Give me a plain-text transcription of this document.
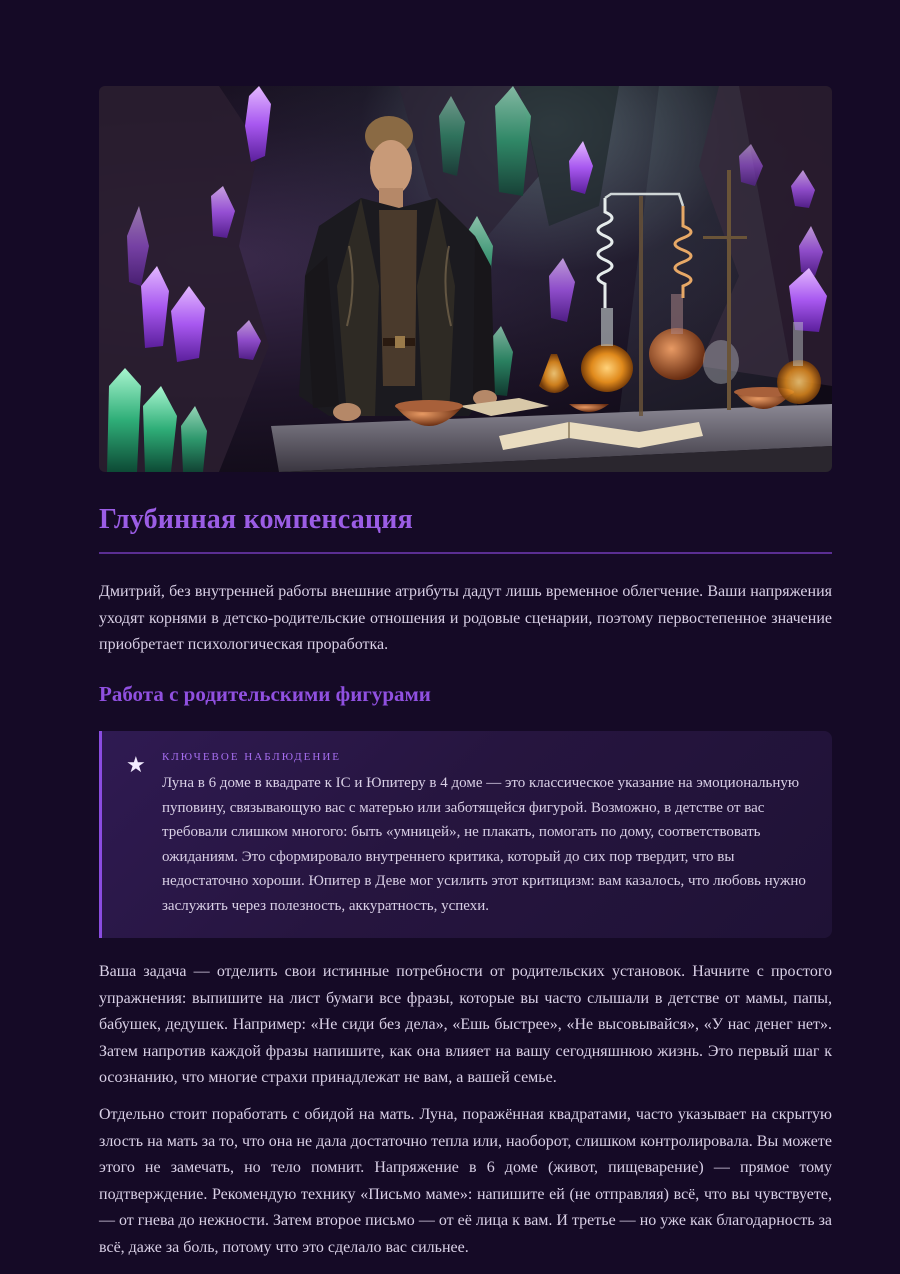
Глубинная компенсация

Дмитрий, без внутренней работы внешние атрибуты дадут лишь временное облегчение. Ваши напряжения уходят корнями в детско-родительские отношения и родовые сценарии, поэтому первостепенное значение приобретает психологическая проработка.

Работа с родительскими фигурами
★ КЛЮЧЕВОЕ НАБЛЮДЕНИЕ

Луна в 6 доме в квадрате к IC и Юпитеру в 4 доме — это классическое указание на эмоциональную пуповину, связывающую вас с матерью или заботящейся фигурой. Возможно, в детстве от вас требовали слишком многого: быть «умницей», не плакать, помогать по дому, соответствовать ожиданиям. Это сформировало внутреннего критика, который до сих пор твердит, что вы недостаточно хороши. Юпитер в Деве мог усилить этот критицизм: вам казалось, что любовь нужно заслужить через полезность, аккуратность, успехи.

Ваша задача — отделить свои истинные потребности от родительских установок. Начните с простого упражнения: выпишите на лист бумаги все фразы, которые вы часто слышали в детстве от мамы, папы, бабушек, дедушек. Например: «Не сиди без дела», «Ешь быстрее», «Не высовывайся», «У нас денег нет». Затем напротив каждой фразы напишите, как она влияет на вашу сегодняшнюю жизнь. Это первый шаг к осознанию, что многие страхи принадлежат не вам, а вашей семье.

Отдельно стоит поработать с обидой на мать. Луна, поражённая квадратами, часто указывает на скрытую злость на мать за то, что она не дала достаточно тепла или, наоборот, слишком контролировала. Вы можете этого не замечать, но тело помнит. Напряжение в 6 доме (живот, пищеварение) — прямое тому подтверждение. Рекомендую технику «Письмо маме»: напишите ей (не отправляя) всё, что вы чувствуете, — от гнева до нежности. Затем второе письмо — от её лица к вам. И третье — но уже как благодарность за всё, даже за боль, потому что это сделало вас сильнее.
